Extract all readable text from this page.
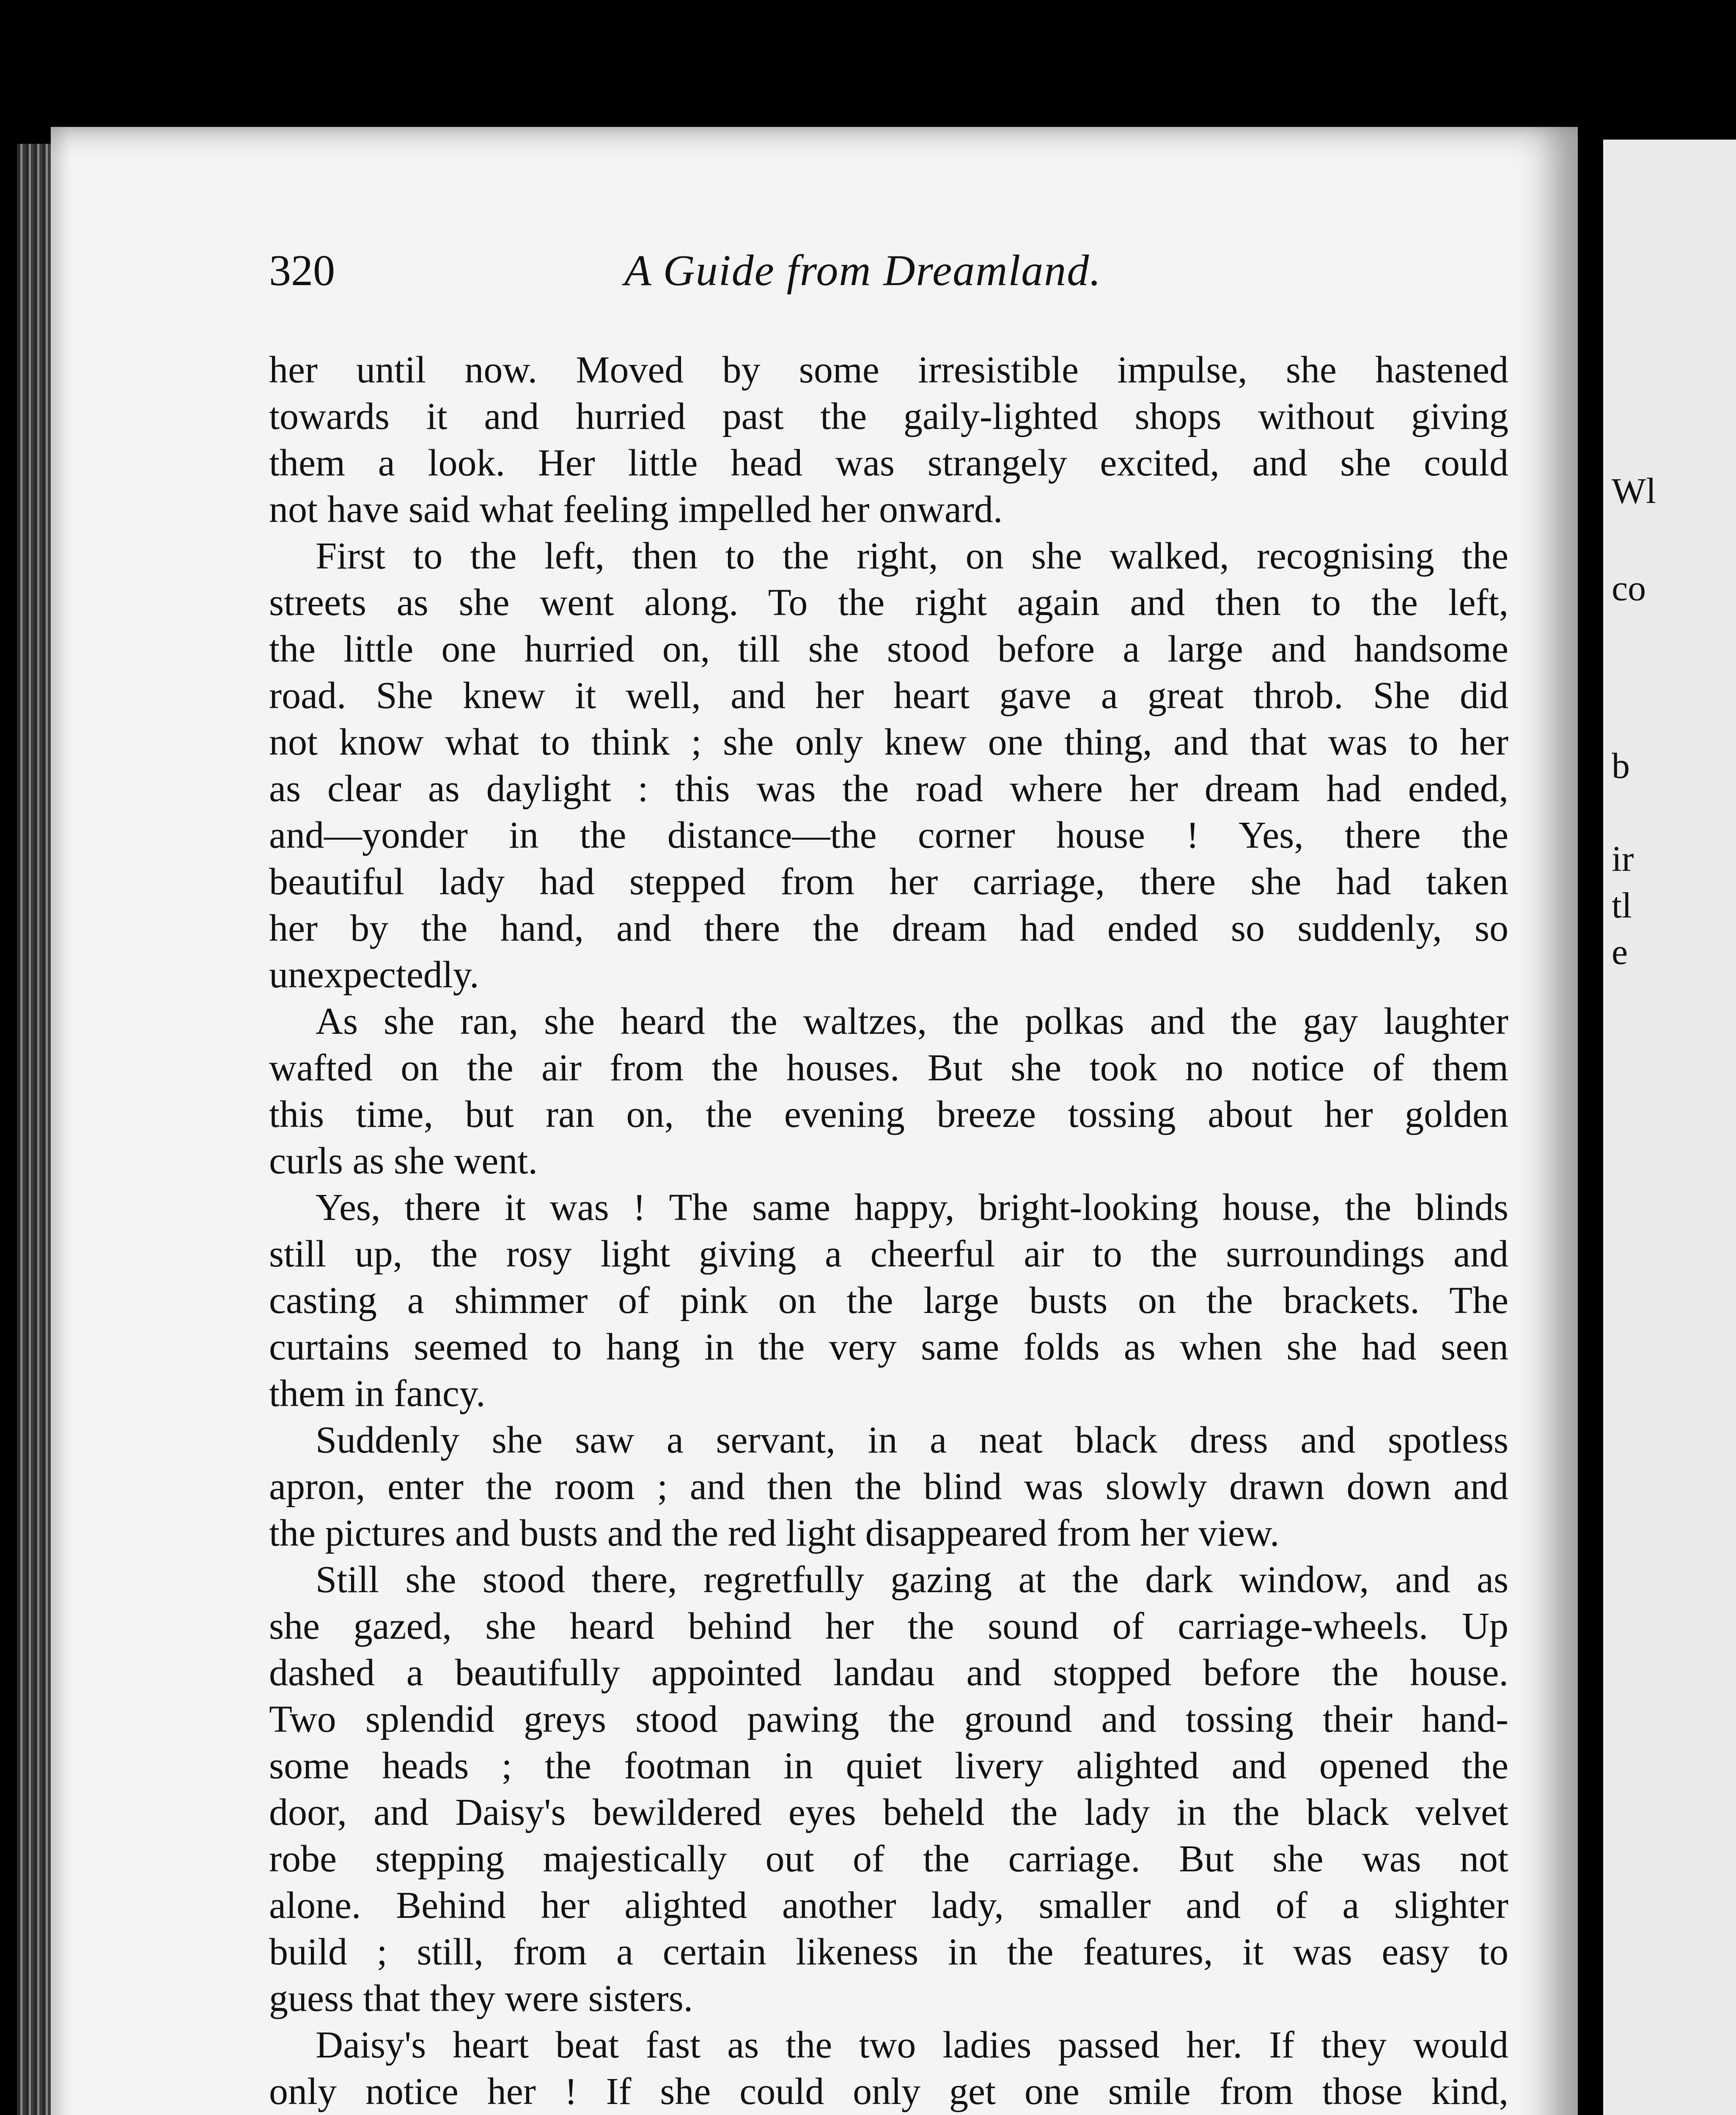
Wl
co
b
ir
tl
e
320	A Guide from Dreamland.
her until now. Moved by some irresistible impulse, she hastened
towards it and hurried past the gaily-lighted shops without giving
them a look. Her little head was strangely excited, and she could
not have said what feeling impelled her onward.
First to the left, then to the right, on she walked, recognising the
streets as she went along. To the right again and then to the left,
the little one hurried on, till she stood before a large and handsome
road. She knew it well, and her heart gave a great throb. She did
not know what to think ; she only knew one thing, and that was to her
as clear as daylight : this was the road where her dream had ended,
and—yonder in the distance—the corner house ! Yes, there the
beautiful lady had stepped from her carriage, there she had taken
her by the hand, and there the dream had ended so suddenly, so
unexpectedly.
As she ran, she heard the waltzes, the polkas and the gay laughter
wafted on the air from the houses. But she took no notice of them
this time, but ran on, the evening breeze tossing about her golden
curls as she went.
Yes, there it was ! The same happy, bright-looking house, the blinds
still up, the rosy light giving a cheerful air to the surroundings and
casting a shimmer of pink on the large busts on the brackets. The
curtains seemed to hang in the very same folds as when she had seen
them in fancy.
Suddenly she saw a servant, in a neat black dress and spotless
apron, enter the room ; and then the blind was slowly drawn down and
the pictures and busts and the red light disappeared from her view.
Still she stood there, regretfully gazing at the dark window, and as
she gazed, she heard behind her the sound of carriage-wheels. Up
dashed a beautifully appointed landau and stopped before the house.
Two splendid greys stood pawing the ground and tossing their hand-
some heads ; the footman in quiet livery alighted and opened the
door, and Daisy's bewildered eyes beheld the lady in the black velvet
robe stepping majestically out of the carriage. But she was not
alone. Behind her alighted another lady, smaller and of a slighter
build ; still, from a certain likeness in the features, it was easy to
guess that they were sisters.
Daisy's heart beat fast as the two ladies passed her. If they would
only notice her ! If she could only get one smile from those kind,
